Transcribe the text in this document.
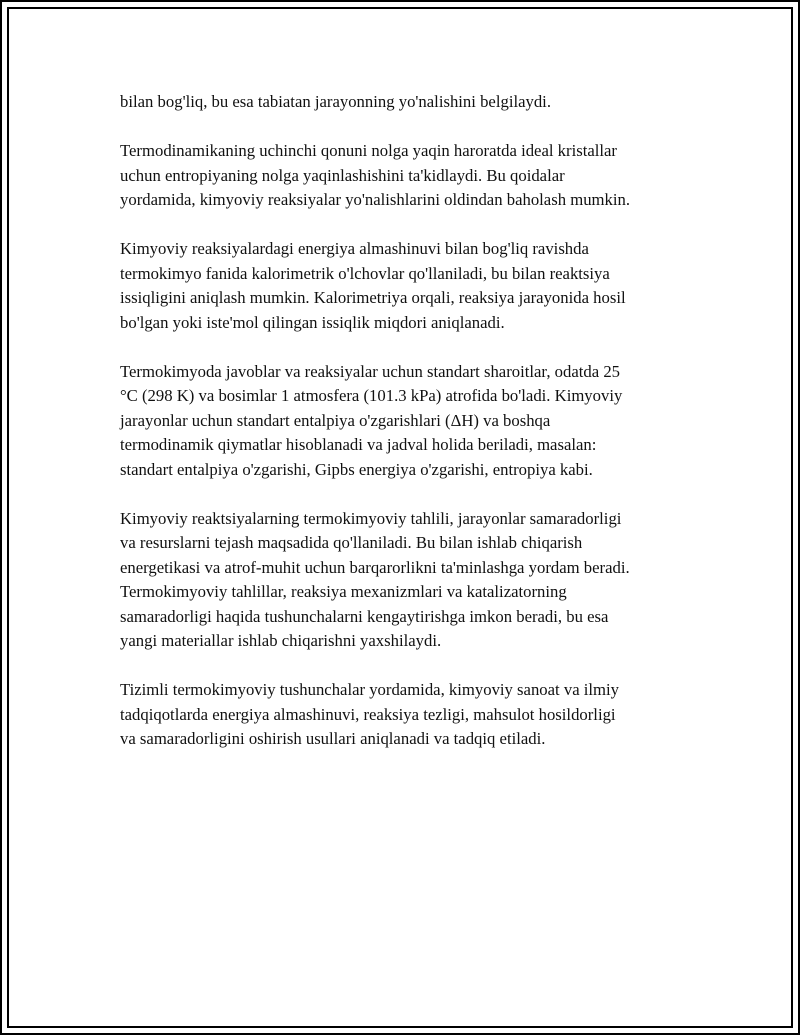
bilan bog'liq, bu esa tabiatan jarayonning yo'nalishini belgilaydi.

Termodinamikaning uchinchi qonuni nolga yaqin haroratda ideal kristallar
uchun entropiyaning nolga yaqinlashishini ta'kidlaydi. Bu qoidalar
yordamida, kimyoviy reaksiyalar yo'nalishlarini oldindan baholash mumkin.

Kimyoviy reaksiyalardagi energiya almashinuvi bilan bog'liq ravishda
termokimyo fanida kalorimetrik o'lchovlar qo'llaniladi, bu bilan reaktsiya
issiqligini aniqlash mumkin. Kalorimetriya orqali, reaksiya jarayonida hosil
bo'lgan yoki iste'mol qilingan issiqlik miqdori aniqlanadi.

Termokimyoda javoblar va reaksiyalar uchun standart sharoitlar, odatda 25
°C (298 K) va bosimlar 1 atmosfera (101.3 kPa) atrofida bo'ladi. Kimyoviy
jarayonlar uchun standart entalpiya o'zgarishlari (ΔH) va boshqa
termodinamik qiymatlar hisoblanadi va jadval holida beriladi, masalan:
standart entalpiya o'zgarishi, Gipbs energiya o'zgarishi, entropiya kabi.

Kimyoviy reaktsiyalarning termokimyoviy tahlili, jarayonlar samaradorligi
va resurslarni tejash maqsadida qo'llaniladi. Bu bilan ishlab chiqarish
energetikasi va atrof-muhit uchun barqarorlikni ta'minlashga yordam beradi.
Termokimyoviy tahlillar, reaksiya mexanizmlari va katalizatorning
samaradorligi haqida tushunchalarni kengaytirishga imkon beradi, bu esa
yangi materiallar ishlab chiqarishni yaxshilaydi.

Tizimli termokimyoviy tushunchalar yordamida, kimyoviy sanoat va ilmiy
tadqiqotlarda energiya almashinuvi, reaksiya tezligi, mahsulot hosildorligi
va samaradorligini oshirish usullari aniqlanadi va tadqiq etiladi.
